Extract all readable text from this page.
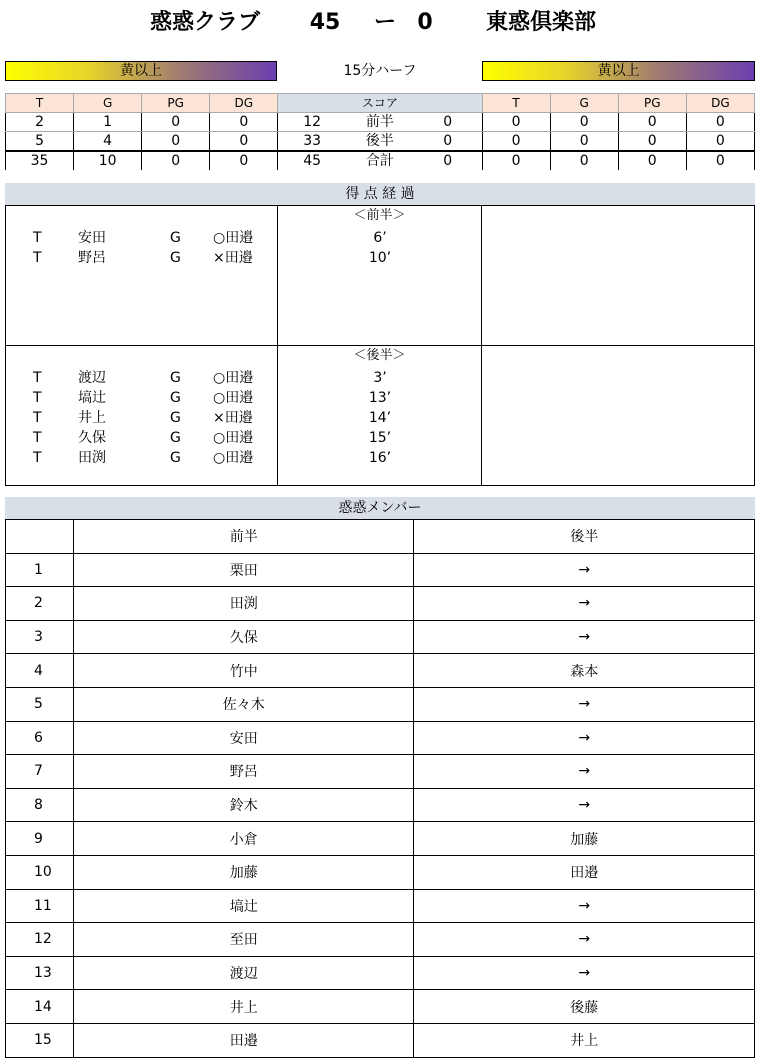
惑惑クラブ	45	ー 0	東惑倶楽部
黄以上	15分ハーフ	黄以上
T	G	PG	DG	スコア			T	G	PG	DG
2	1	0	0	12	前半	0	0	0	0	0
5	4	0	0	33	後半	0	0	0	0	0
35	10	0	0	45	合計	0	0	0	0	0
得 点 経 過
＜前半＞
＜後半＞
T	安田	G ○田邉	6’
T	野呂	G ×田邉	10’
T	渡辺	G ○田邉	3’
T	塙辻	G ○田邉	13’
T	井上	G ×田邉	14’
T	久保	G ○田邉	15’
T	田渕	G ○田邉	16’
惑惑メンバー
	前半	後半
1	栗田	→
2	田渕	→
3	久保	→
4	竹中	森本
5	佐々木	→
6	安田	→
7	野呂	→
8	鈴木	→
9	小倉	加藤
10	加藤	田邉
11	塙辻	→
12	至田	→
13	渡辺	→
14	井上	後藤
15	田邉	井上
